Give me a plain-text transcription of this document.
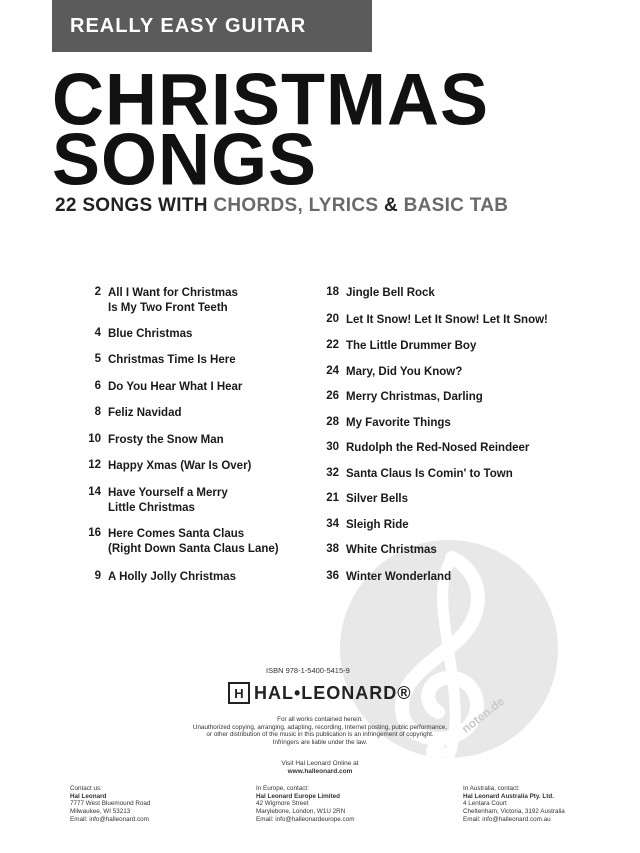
REALLY EASY GUITAR
CHRISTMAS
SONGS
22 SONGS WITH CHORDS, LYRICS & BASIC TAB
noten.de
2 All I Want for Christmas
Is My Two Front Teeth
4 Blue Christmas
5 Christmas Time Is Here
6 Do You Hear What I Hear
8 Feliz Navidad
10 Frosty the Snow Man
12 Happy Xmas (War Is Over)
14 Have Yourself a Merry
Little Christmas
16 Here Comes Santa Claus
(Right Down Santa Claus Lane)
9 A Holly Jolly Christmas
18 Jingle Bell Rock
20 Let It Snow! Let It Snow! Let It Snow!
22 The Little Drummer Boy
24 Mary, Did You Know?
26 Merry Christmas, Darling
28 My Favorite Things
30 Rudolph the Red-Nosed Reindeer
32 Santa Claus Is Comin' to Town
21 Silver Bells
34 Sleigh Ride
38 White Christmas
36 Winter Wonderland
ISBN 978-1-5400-5415-9
H HAL•LEONARD®
For all works contained herein:
Unauthorized copying, arranging, adapting, recording, Internet posting, public performance,
or other distribution of the music in this publication is an infringement of copyright.
Infringers are liable under the law.
Visit Hal Leonard Online at
www.halleonard.com
Contact us:
Hal Leonard
7777 West Bluemound Road
Milwaukee, WI 53213
Email: info@halleonard.com
In Europe, contact:
Hal Leonard Europe Limited
42 Wigmore Street
Marylebone, London, W1U 2RN
Email: info@halleonardeurope.com
In Australia, contact:
Hal Leonard Australia Pty. Ltd.
4 Lentara Court
Cheltenham, Victoria, 3192 Australia
Email: info@halleonard.com.au
